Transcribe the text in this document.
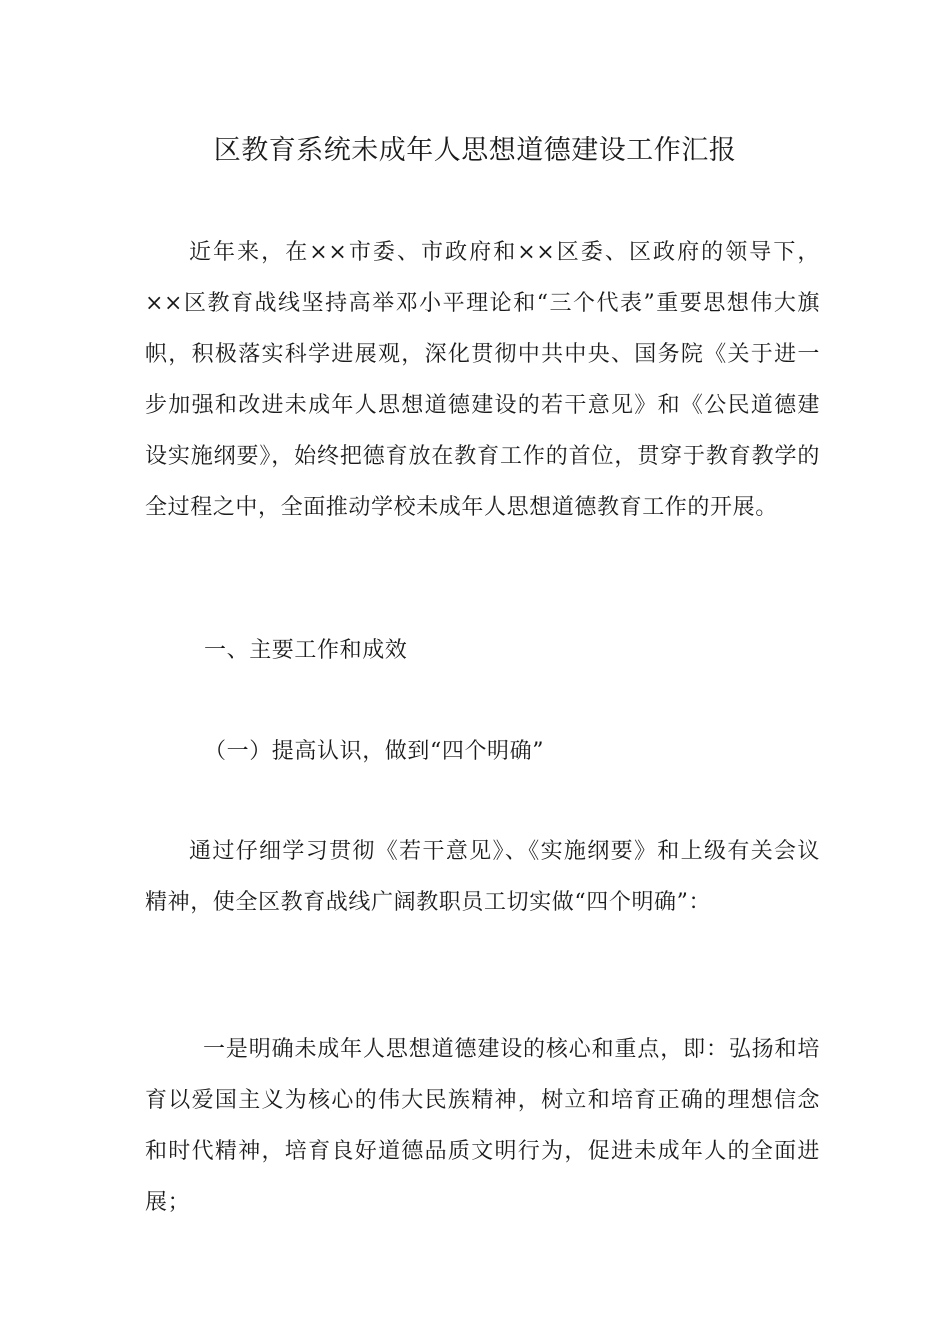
区教育系统未成年人思想道德建设工作汇报

近年来，在××市委、市政府和××区委、区政府的领导下，××区教育战线坚持高举邓小平理论和“三个代表”重要思想伟大旗帜，积极落实科学进展观，深化贯彻中共中央、国务院《关于进一步加强和改进未成年人思想道德建设的若干意见》和《公民道德建设实施纲要》，始终把德育放在教育工作的首位，贯穿于教育教学的全过程之中，全面推动学校未成年人思想道德教育工作的开展。

一、主要工作和成效

（一）提高认识，做到“四个明确”

通过仔细学习贯彻《若干意见》、《实施纲要》和上级有关会议精神，使全区教育战线广阔教职员工切实做“四个明确”：

一是明确未成年人思想道德建设的核心和重点，即：弘扬和培育以爱国主义为核心的伟大民族精神，树立和培育正确的理想信念和时代精神，培育良好道德品质文明行为，促进未成年人的全面进展；
